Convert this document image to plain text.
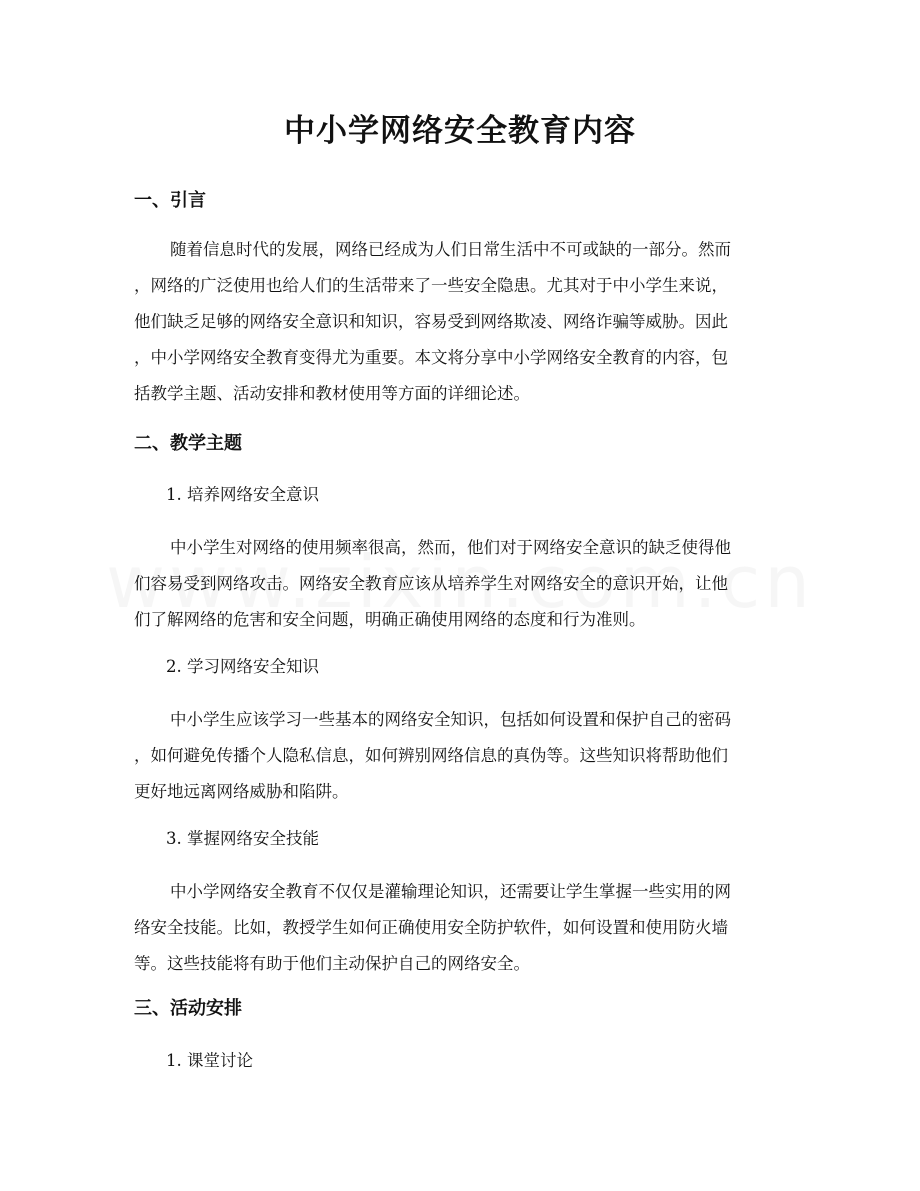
中小学网络安全教育内容
一、引言
随着信息时代的发展，网络已经成为人们日常生活中不可或缺的一部分。然而
，网络的广泛使用也给人们的生活带来了一些安全隐患。尤其对于中小学生来说，
他们缺乏足够的网络安全意识和知识，容易受到网络欺凌、网络诈骗等威胁。因此
，中小学网络安全教育变得尤为重要。本文将分享中小学网络安全教育的内容，包
括教学主题、活动安排和教材使用等方面的详细论述。
二、教学主题
1. 培养网络安全意识
中小学生对网络的使用频率很高，然而，他们对于网络安全意识的缺乏使得他
们容易受到网络攻击。网络安全教育应该从培养学生对网络安全的意识开始，让他
们了解网络的危害和安全问题，明确正确使用网络的态度和行为准则。
2. 学习网络安全知识
中小学生应该学习一些基本的网络安全知识，包括如何设置和保护自己的密码
，如何避免传播个人隐私信息，如何辨别网络信息的真伪等。这些知识将帮助他们
更好地远离网络威胁和陷阱。
3. 掌握网络安全技能
中小学网络安全教育不仅仅是灌输理论知识，还需要让学生掌握一些实用的网
络安全技能。比如，教授学生如何正确使用安全防护软件，如何设置和使用防火墙
等。这些技能将有助于他们主动保护自己的网络安全。
三、活动安排
1. 课堂讨论
